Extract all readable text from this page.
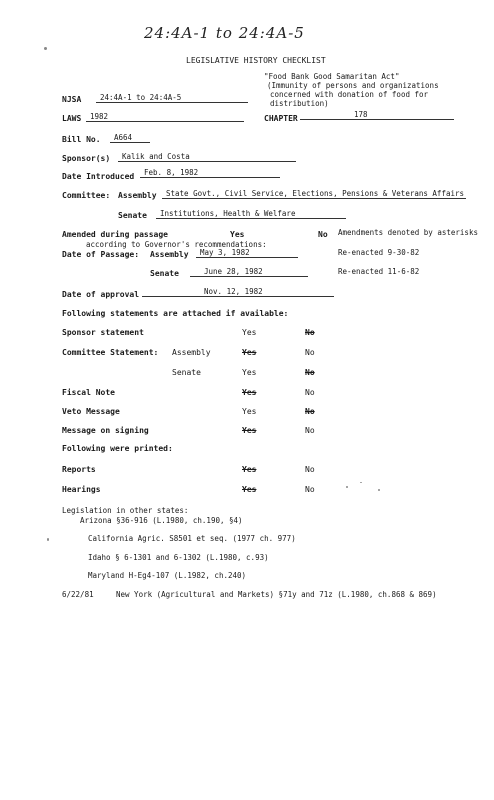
24:4A-1 to 24:4A-5
LEGISLATIVE HISTORY CHECKLIST
"Food Bank Good Samaritan Act"
(Immunity of persons and organizations
concerned with donation of food for
distribution)
NJSA	24:4A-1 to 24:4A-5
LAWS	1982	CHAPTER	178
Bill No.	A664
Sponsor(s)	Kalik and Costa
Date Introduced	Feb. 8, 1982
Committee: Assembly	State Govt., Civil Service, Elections, Pensions & Veterans Affairs
Senate	Institutions, Health & Welfare
Amended during passage	Yes	No Amendments denoted by asterisks
according to Governor's recommendations:
Date of Passage: Assembly	May 3, 1982	Re-enacted 9-30-82
Senate	June 28, 1982	Re-enacted 11-6-82
Date of approval	Nov. 12, 1982
Following statements are attached if available:
Sponsor statement	Yes	No
Committee Statement: Assembly	Yes	No
Senate	Yes	No
Fiscal Note	Yes	No
Veto Message	Yes	No
Message on signing	Yes	No
Following were printed:
Reports	Yes	No
Hearings	Yes	No
Legislation in other states:
Arizona §36-916 (L.1980, ch.190, §4)
California Agric. S8501 et seq. (1977 ch. 977)
Idaho § 6-1301 and 6-1302 (L.1980, c.93)
Maryland H-Eg4-107 (L.1982, ch.240)
6/22/81	New York (Agricultural and Markets) §71y and 71z (L.1980, ch.868 & 869)
